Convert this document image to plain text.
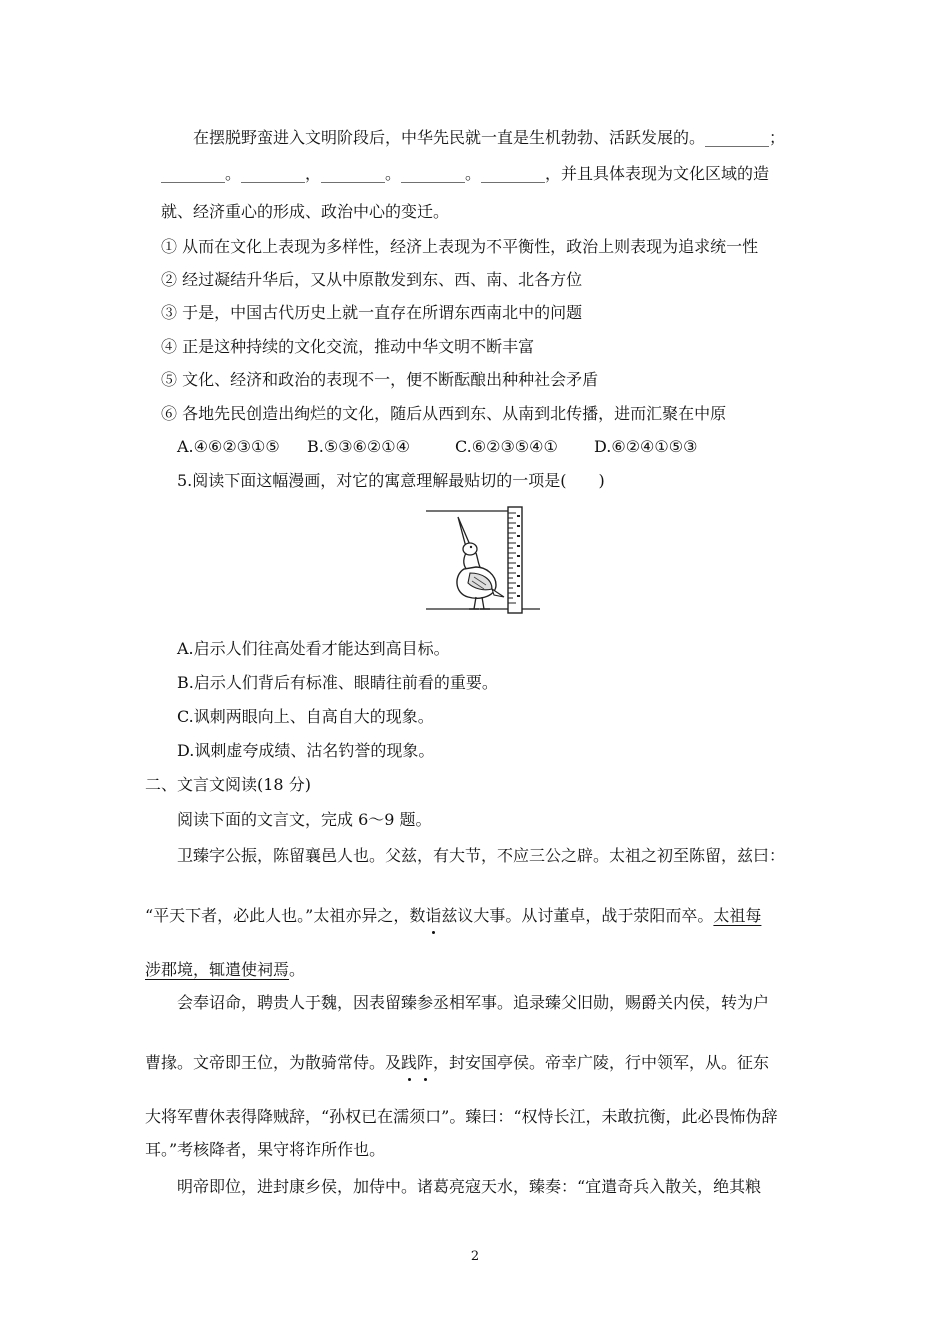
在摆脱野蛮进入文明阶段后，中华先民就一直是生机勃勃、活跃发展的。________；
________。________，________。________。________，并且具体表现为文化区域的造
就、经济重心的形成、政治中心的变迁。
① 从而在文化上表现为多样性，经济上表现为不平衡性，政治上则表现为追求统一性
② 经过凝结升华后，又从中原散发到东、西、南、北各方位
③ 于是，中国古代历史上就一直存在所谓东西南北中的问题
④ 正是这种持续的文化交流，推动中华文明不断丰富
⑤ 文化、经济和政治的表现不一，便不断酝酿出种种社会矛盾
⑥ 各地先民创造出绚烂的文化，随后从西到东、从南到北传播，进而汇聚在中原
A.④⑥②③①⑤ B.⑤③⑥②①④	C.⑥②③⑤④① D.⑥②④①⑤③
5.阅读下面这幅漫画，对它的寓意理解最贴切的一项是(　　)
A.启示人们往高处看才能达到高目标。
B.启示人们背后有标准、眼睛往前看的重要。
C.讽刺两眼向上、自高自大的现象。
D.讽刺虚夸成绩、沽名钓誉的现象。
二、文言文阅读(18 分)
阅读下面的文言文，完成 6～9 题。
卫臻字公振，陈留襄邑人也。父兹，有大节，不应三公之辟。太祖之初至陈留，兹曰：
“平天下者，必此人也。”太祖亦异之，数诣兹议大事。从讨董卓，战于荥阳而卒。太祖每
涉郡境，辄遣使祠焉。
会奉诏命，聘贵人于魏，因表留臻参丞相军事。追录臻父旧勋，赐爵关内侯，转为户
曹掾。文帝即王位，为散骑常侍。及践阼，封安国亭侯。帝幸广陵，行中领军，从。征东
大将军曹休表得降贼辞，“孙权已在濡须口”。臻曰：“权恃长江，未敢抗衡，此必畏怖伪辞
耳。”考核降者，果守将诈所作也。
明帝即位，进封康乡侯，加侍中。诸葛亮寇天水，臻奏：“宜遣奇兵入散关，绝其粮
2
